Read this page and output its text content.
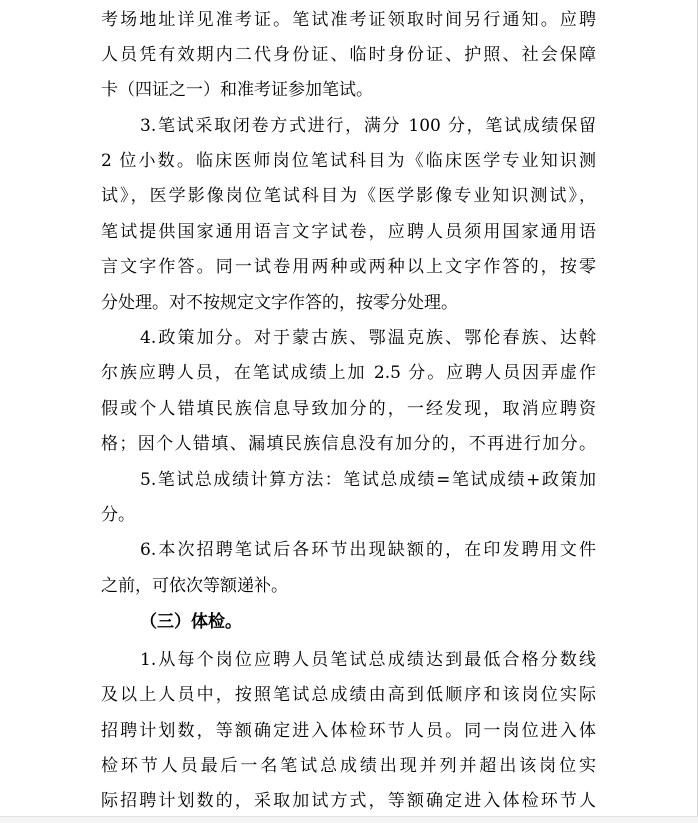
考场地址详见准考证。笔试准考证领取时间另行通知。应聘
人员凭有效期内二代身份证、临时身份证、护照、社会保障
卡（四证之一）和准考证参加笔试。
3.笔试采取闭卷方式进行，满分 100 分，笔试成绩保留
2 位小数。临床医师岗位笔试科目为《临床医学专业知识测
试》，医学影像岗位笔试科目为《医学影像专业知识测试》，
笔试提供国家通用语言文字试卷，应聘人员须用国家通用语
言文字作答。同一试卷用两种或两种以上文字作答的，按零
分处理。对不按规定文字作答的，按零分处理。
4.政策加分。对于蒙古族、鄂温克族、鄂伦春族、达斡
尔族应聘人员，在笔试成绩上加 2.5 分。应聘人员因弄虚作
假或个人错填民族信息导致加分的，一经发现，取消应聘资
格；因个人错填、漏填民族信息没有加分的，不再进行加分。
5.笔试总成绩计算方法：笔试总成绩=笔试成绩+政策加
分。
6.本次招聘笔试后各环节出现缺额的，在印发聘用文件
之前，可依次等额递补。
（三）体检。
1.从每个岗位应聘人员笔试总成绩达到最低合格分数线
及以上人员中，按照笔试总成绩由高到低顺序和该岗位实际
招聘计划数，等额确定进入体检环节人员。同一岗位进入体
检环节人员最后一名笔试总成绩出现并列并超出该岗位实
际招聘计划数的，采取加试方式，等额确定进入体检环节人
